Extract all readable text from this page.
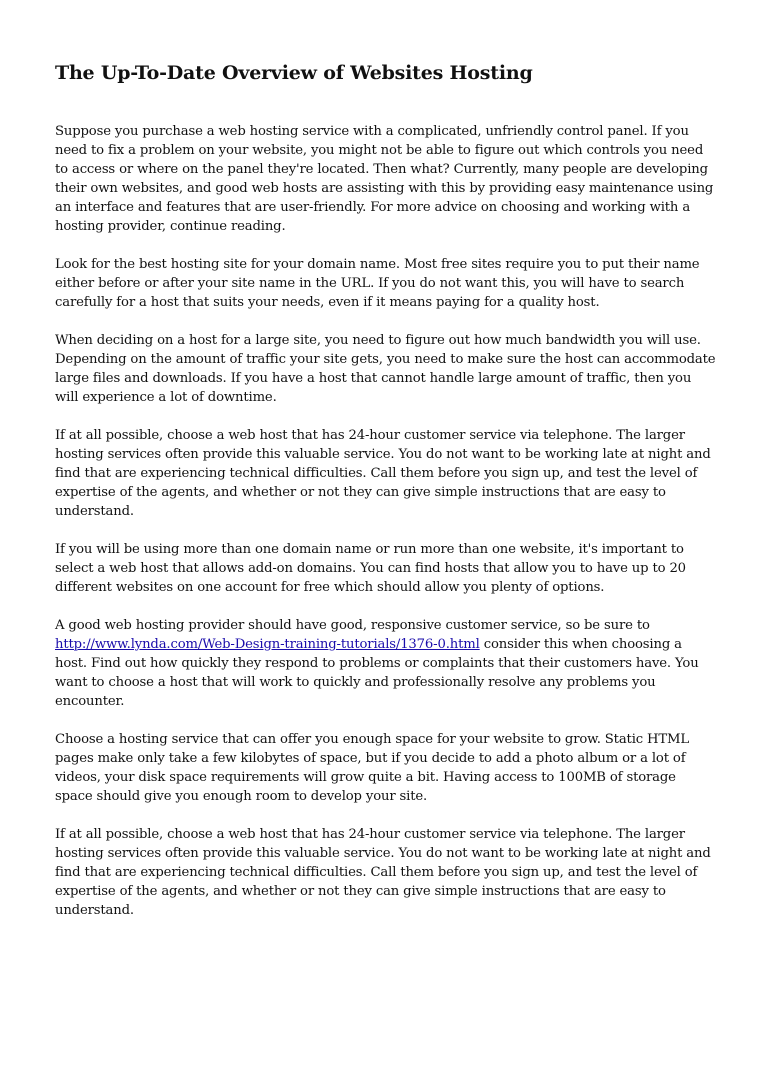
The Up-To-Date Overview of Websites Hosting

Suppose you purchase a web hosting service with a complicated, unfriendly control panel. If you need to fix a problem on your website, you might not be able to figure out which controls you need to access or where on the panel they're located. Then what? Currently, many people are developing their own websites, and good web hosts are assisting with this by providing easy maintenance using an interface and features that are user-friendly. For more advice on choosing and working with a hosting provider, continue reading.

Look for the best hosting site for your domain name. Most free sites require you to put their name either before or after your site name in the URL. If you do not want this, you will have to search carefully for a host that suits your needs, even if it means paying for a quality host.

When deciding on a host for a large site, you need to figure out how much bandwidth you will use. Depending on the amount of traffic your site gets, you need to make sure the host can accommodate large files and downloads. If you have a host that cannot handle large amount of traffic, then you will experience a lot of downtime.

If at all possible, choose a web host that has 24-hour customer service via telephone. The larger hosting services often provide this valuable service. You do not want to be working late at night and find that are experiencing technical difficulties. Call them before you sign up, and test the level of expertise of the agents, and whether or not they can give simple instructions that are easy to understand.

If you will be using more than one domain name or run more than one website, it's important to select a web host that allows add-on domains. You can find hosts that allow you to have up to 20 different websites on one account for free which should allow you plenty of options.

A good web hosting provider should have good, responsive customer service, so be sure to http://www.lynda.com/Web-Design-training-tutorials/1376-0.html consider this when choosing a host. Find out how quickly they respond to problems or complaints that their customers have. You want to choose a host that will work to quickly and professionally resolve any problems you encounter.

Choose a hosting service that can offer you enough space for your website to grow. Static HTML pages make only take a few kilobytes of space, but if you decide to add a photo album or a lot of videos, your disk space requirements will grow quite a bit. Having access to 100MB of storage space should give you enough room to develop your site.

If at all possible, choose a web host that has 24-hour customer service via telephone. The larger hosting services often provide this valuable service. You do not want to be working late at night and find that are experiencing technical difficulties. Call them before you sign up, and test the level of expertise of the agents, and whether or not they can give simple instructions that are easy to understand.
